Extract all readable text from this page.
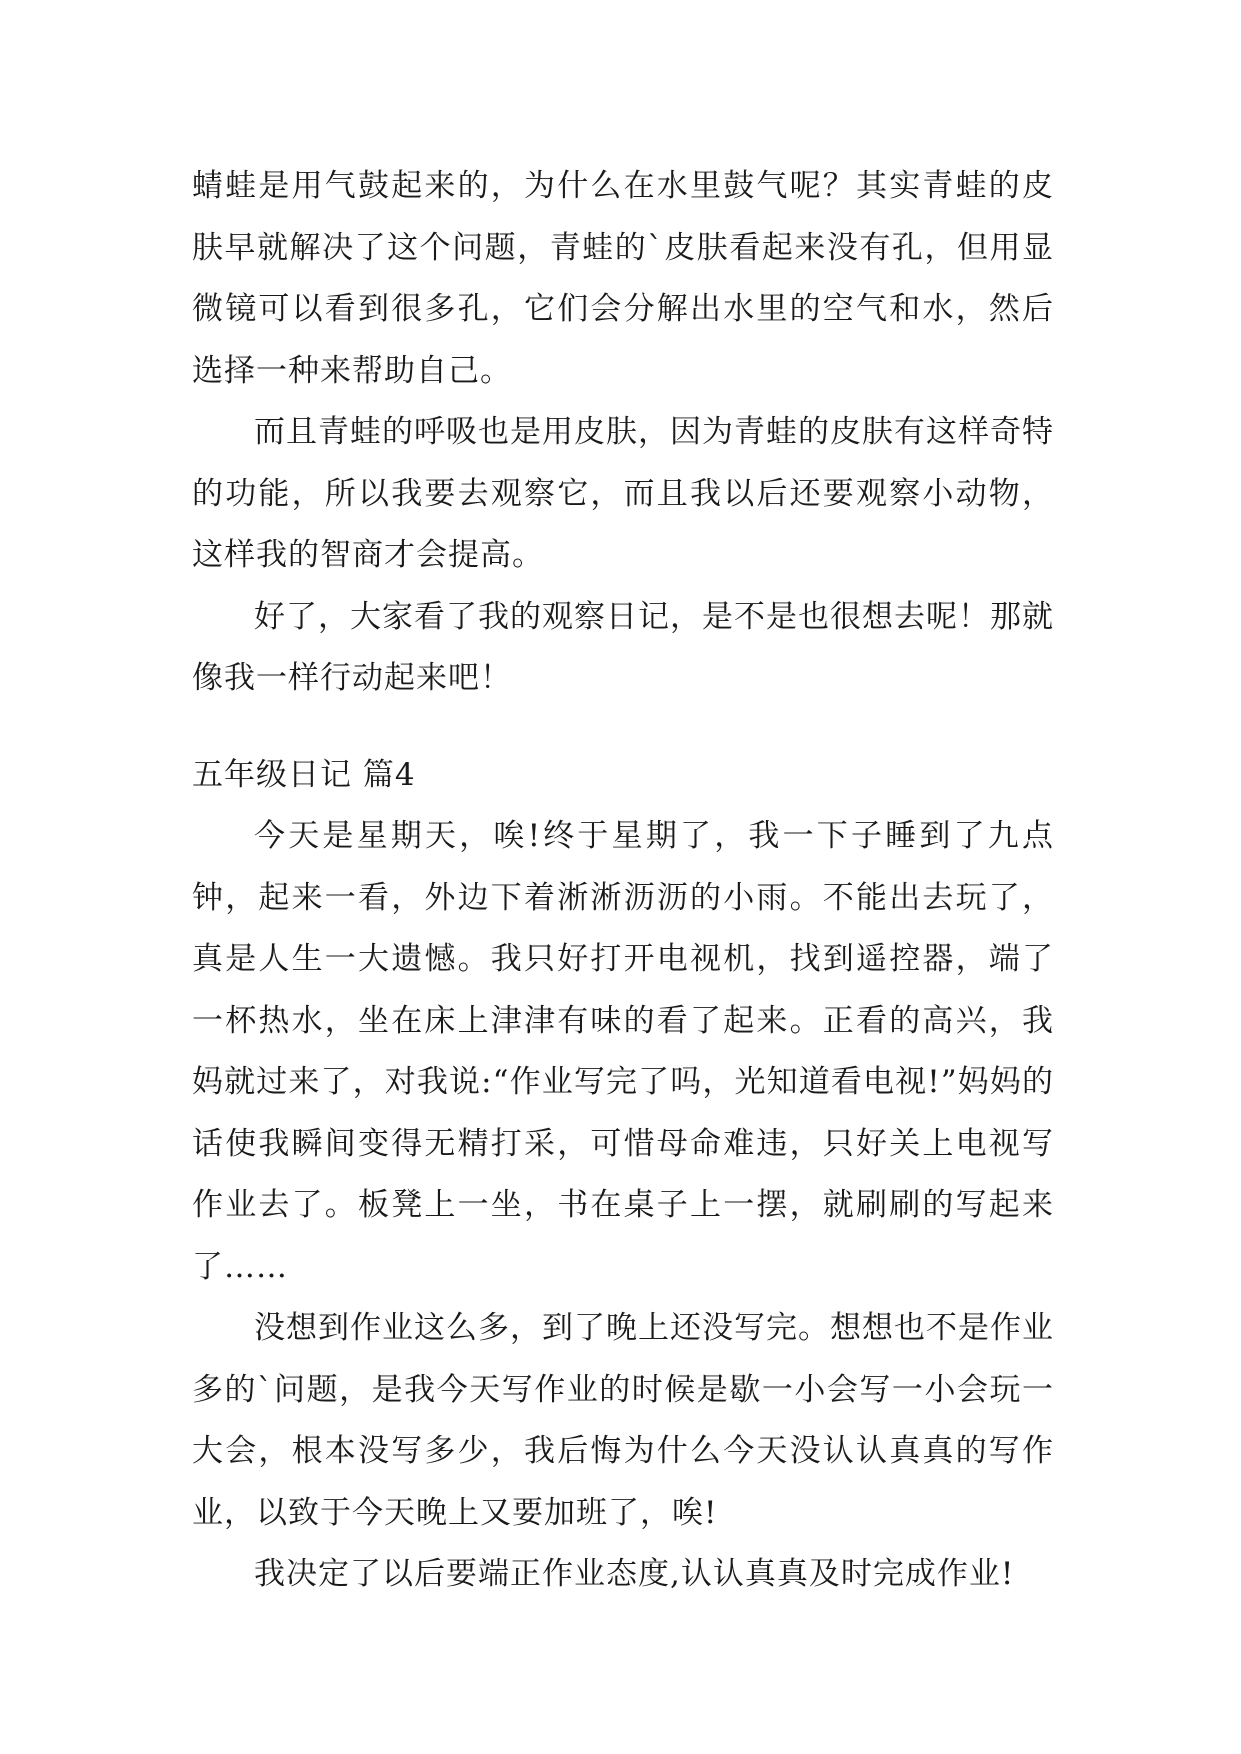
蜻蛙是用气鼓起来的，为什么在水里鼓气呢？其实青蛙的皮肤早就解决了这个问题，青蛙的`皮肤看起来没有孔，但用显微镜可以看到很多孔，它们会分解出水里的空气和水，然后选择一种来帮助自己。

而且青蛙的呼吸也是用皮肤，因为青蛙的皮肤有这样奇特的功能，所以我要去观察它，而且我以后还要观察小动物，这样我的智商才会提高。

好了，大家看了我的观察日记，是不是也很想去呢！那就像我一样行动起来吧！

五年级日记 篇4

今天是星期天，唉!终于星期了，我一下子睡到了九点钟，起来一看，外边下着淅淅沥沥的小雨。不能出去玩了，真是人生一大遗憾。我只好打开电视机，找到遥控器，端了一杯热水，坐在床上津津有味的看了起来。正看的高兴，我妈就过来了，对我说:“作业写完了吗，光知道看电视!”妈妈的话使我瞬间变得无精打采，可惜母命难违，只好关上电视写作业去了。板凳上一坐，书在桌子上一摆，就刷刷的写起来了……

没想到作业这么多，到了晚上还没写完。想想也不是作业多的`问题，是我今天写作业的时候是歇一小会写一小会玩一大会，根本没写多少，我后悔为什么今天没认认真真的写作业，以致于今天晚上又要加班了，唉!

我决定了以后要端正作业态度,认认真真及时完成作业!
